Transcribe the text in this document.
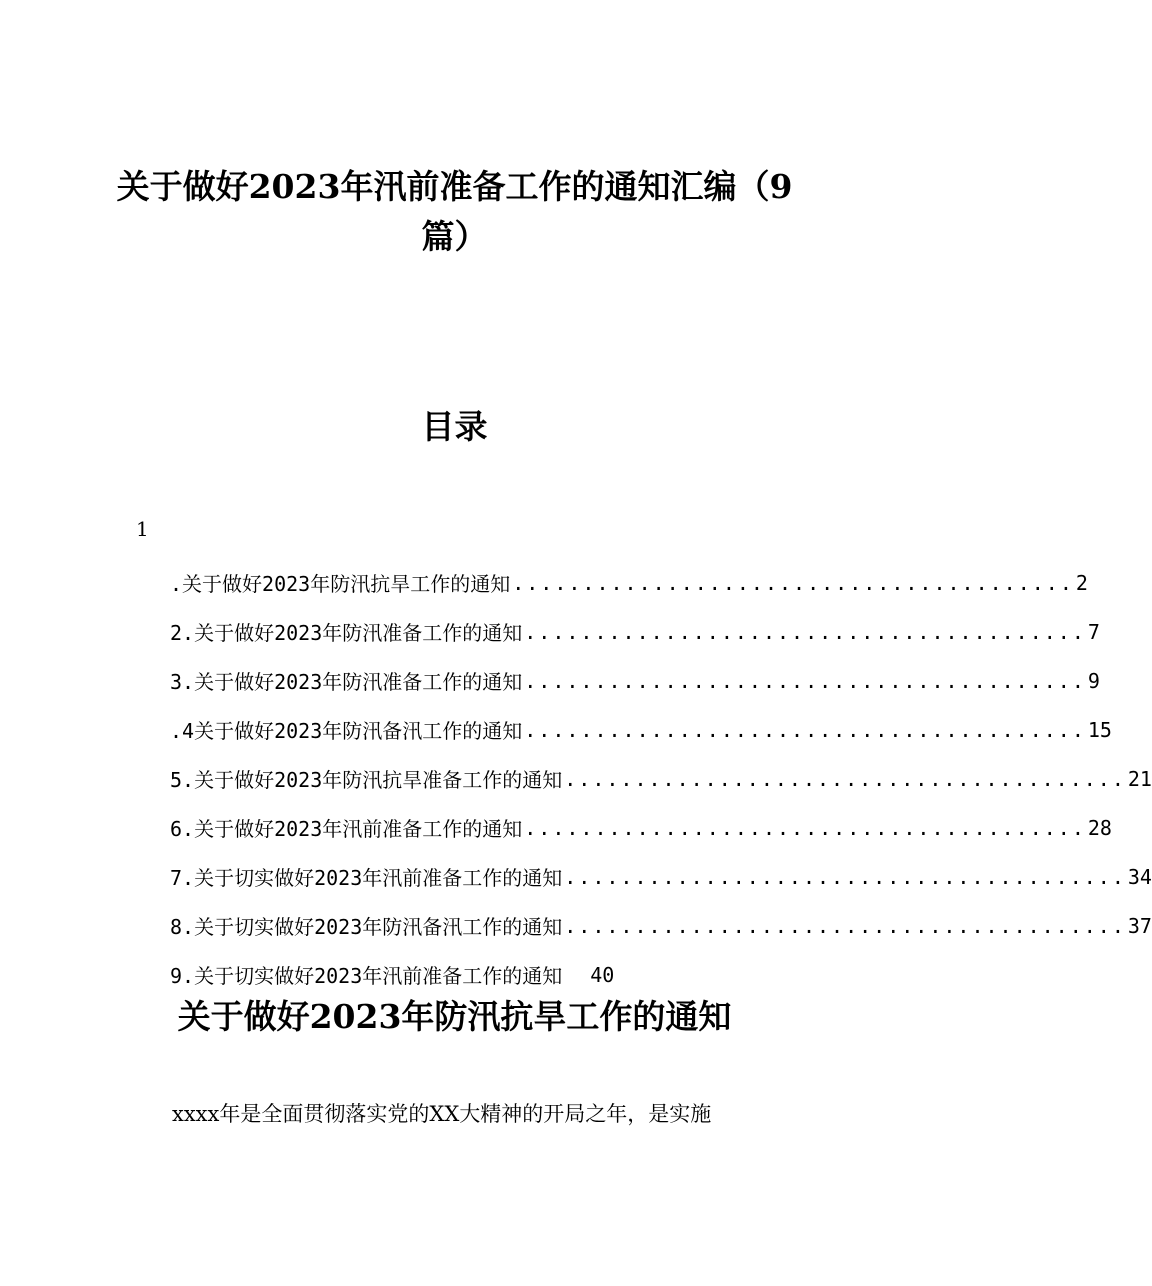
关于做好2023年汛前准备工作的通知汇编（9篇）
目录
1
.关于做好2023年防汛抗旱工作的通知 ........................................ 2
2.关于做好2023年防汛准备工作的通知 ........................................ 7
3.关于做好2023年防汛准备工作的通知 ........................................ 9
.4关于做好2023年防汛备汛工作的通知 ........................................ 15
5.关于做好2023年防汛抗旱准备工作的通知 ........................................ 21
6.关于做好2023年汛前准备工作的通知 ........................................ 28
7.关于切实做好2023年汛前准备工作的通知 ........................................ 34
8.关于切实做好2023年防汛备汛工作的通知 ........................................ 37
9.关于切实做好2023年汛前准备工作的通知 40
关于做好2023年防汛抗旱工作的通知
xxxx年是全面贯彻落实党的XX大精神的开局之年，是实施
